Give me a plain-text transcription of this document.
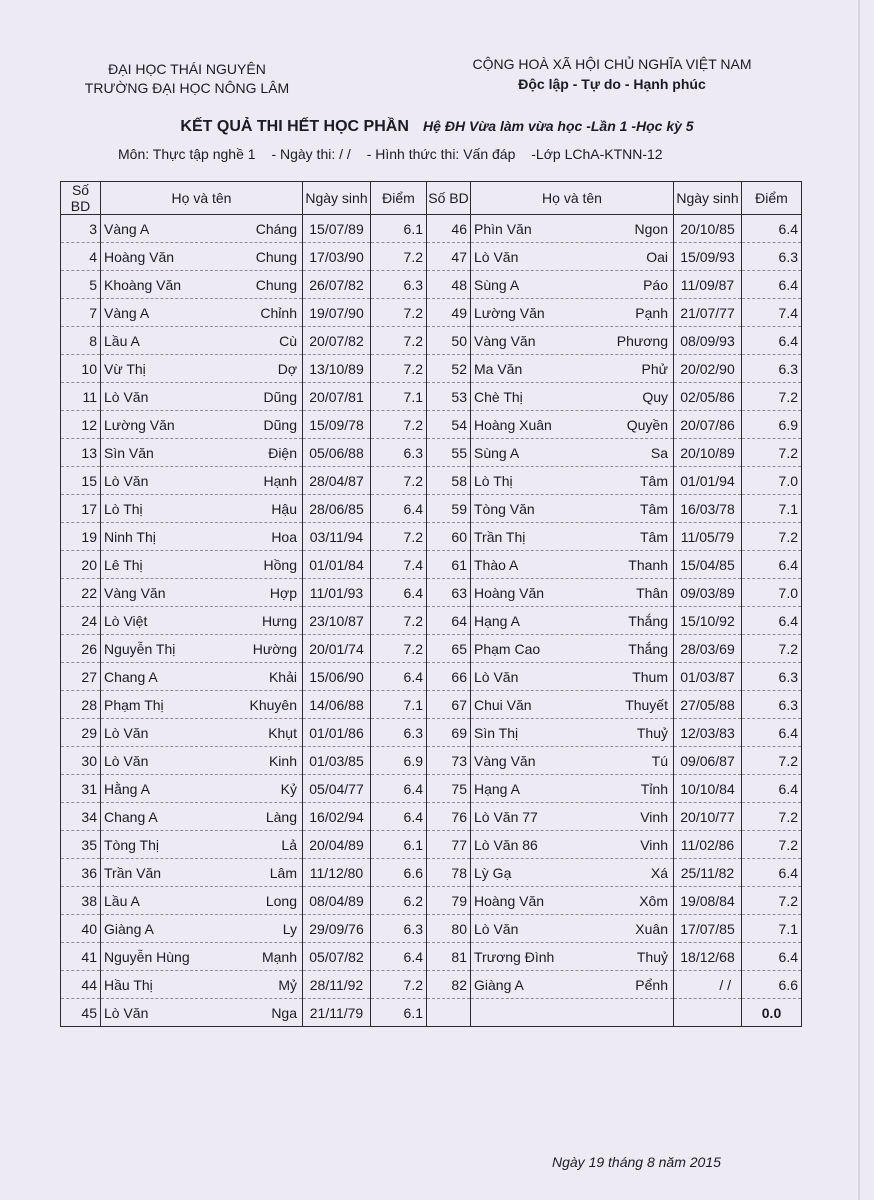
ĐẠI HỌC THÁI NGUYÊN
TRƯỜNG ĐẠI HỌC NÔNG LÂM
CỘNG HOÀ XÃ HỘI CHỦ NGHĨA VIỆT NAM
Độc lập - Tự do - Hạnh phúc
KẾT QUẢ THI HẾT HỌC PHẦN Hệ ĐH Vừa làm vừa học -Lần 1 -Học kỳ 5
Môn: Thực tập nghề 1 - Ngày thi: / / - Hình thức thi: Vấn đáp -Lớp LChA-KTNN-12
Số BD	Họ và tên	Ngày sinh	Điểm	Số BD	Họ và tên	Ngày sinh	Điểm
3	Vàng A Cháng	15/07/89	6.1	46	Phìn Văn Ngon	20/10/85	6.4
4	Hoàng Văn Chung	17/03/90	7.2	47	Lò Văn Oai	15/09/93	6.3
5	Khoàng Văn Chung	26/07/82	6.3	48	Sùng A Páo	11/09/87	6.4
7	Vàng A Chỉnh	19/07/90	7.2	49	Lường Văn Pạnh	21/07/77	7.4
8	Lầu A Cù	20/07/82	7.2	50	Vàng Văn Phương	08/09/93	6.4
10	Vừ Thị Dợ	13/10/89	7.2	52	Ma Văn Phử	20/02/90	6.3
11	Lò Văn Dũng	20/07/81	7.1	53	Chè Thị Quy	02/05/86	7.2
12	Lường Văn Dũng	15/09/78	7.2	54	Hoàng Xuân Quyền	20/07/86	6.9
13	Sìn Văn Điện	05/06/88	6.3	55	Sùng A Sa	20/10/89	7.2
15	Lò Văn Hạnh	28/04/87	7.2	58	Lò Thị Tâm	01/01/94	7.0
17	Lò Thị Hậu	28/06/85	6.4	59	Tòng Văn Tâm	16/03/78	7.1
19	Ninh Thị Hoa	03/11/94	7.2	60	Trần Thị Tâm	11/05/79	7.2
20	Lê Thị Hồng	01/01/84	7.4	61	Thào A Thanh	15/04/85	6.4
22	Vàng Văn Hợp	11/01/93	6.4	63	Hoàng Văn Thân	09/03/89	7.0
24	Lò Việt Hưng	23/10/87	7.2	64	Hạng A Thắng	15/10/92	6.4
26	Nguyễn Thị Hường	20/01/74	7.2	65	Phạm Cao Thắng	28/03/69	7.2
27	Chang A Khải	15/06/90	6.4	66	Lò Văn Thum	01/03/87	6.3
28	Phạm Thị Khuyên	14/06/88	7.1	67	Chui Văn Thuyết	27/05/88	6.3
29	Lò Văn Khụt	01/01/86	6.3	69	Sìn Thị Thuỷ	12/03/83	6.4
30	Lò Văn Kinh	01/03/85	6.9	73	Vàng Văn Tú	09/06/87	7.2
31	Hằng A Kỷ	05/04/77	6.4	75	Hạng A Tỉnh	10/10/84	6.4
34	Chang A Làng	16/02/94	6.4	76	Lò Văn 77 Vinh	20/10/77	7.2
35	Tòng Thị Lả	20/04/89	6.1	77	Lò Văn 86 Vinh	11/02/86	7.2
36	Trần Văn Lâm	11/12/80	6.6	78	Lỳ Gạ Xá	25/11/82	6.4
38	Lầu A Long	08/04/89	6.2	79	Hoàng Văn Xôm	19/08/84	7.2
40	Giàng A Ly	29/09/76	6.3	80	Lò Văn Xuân	17/07/85	7.1
41	Nguyễn Hùng Mạnh	05/07/82	6.4	81	Trương Đình Thuỷ	18/12/68	6.4
44	Hầu Thị Mỷ	28/11/92	7.2	82	Giàng A Pểnh	/ /	6.6
45	Lò Văn Nga	21/11/79	6.1				0.0
Ngày 19 tháng 8 năm 2015
